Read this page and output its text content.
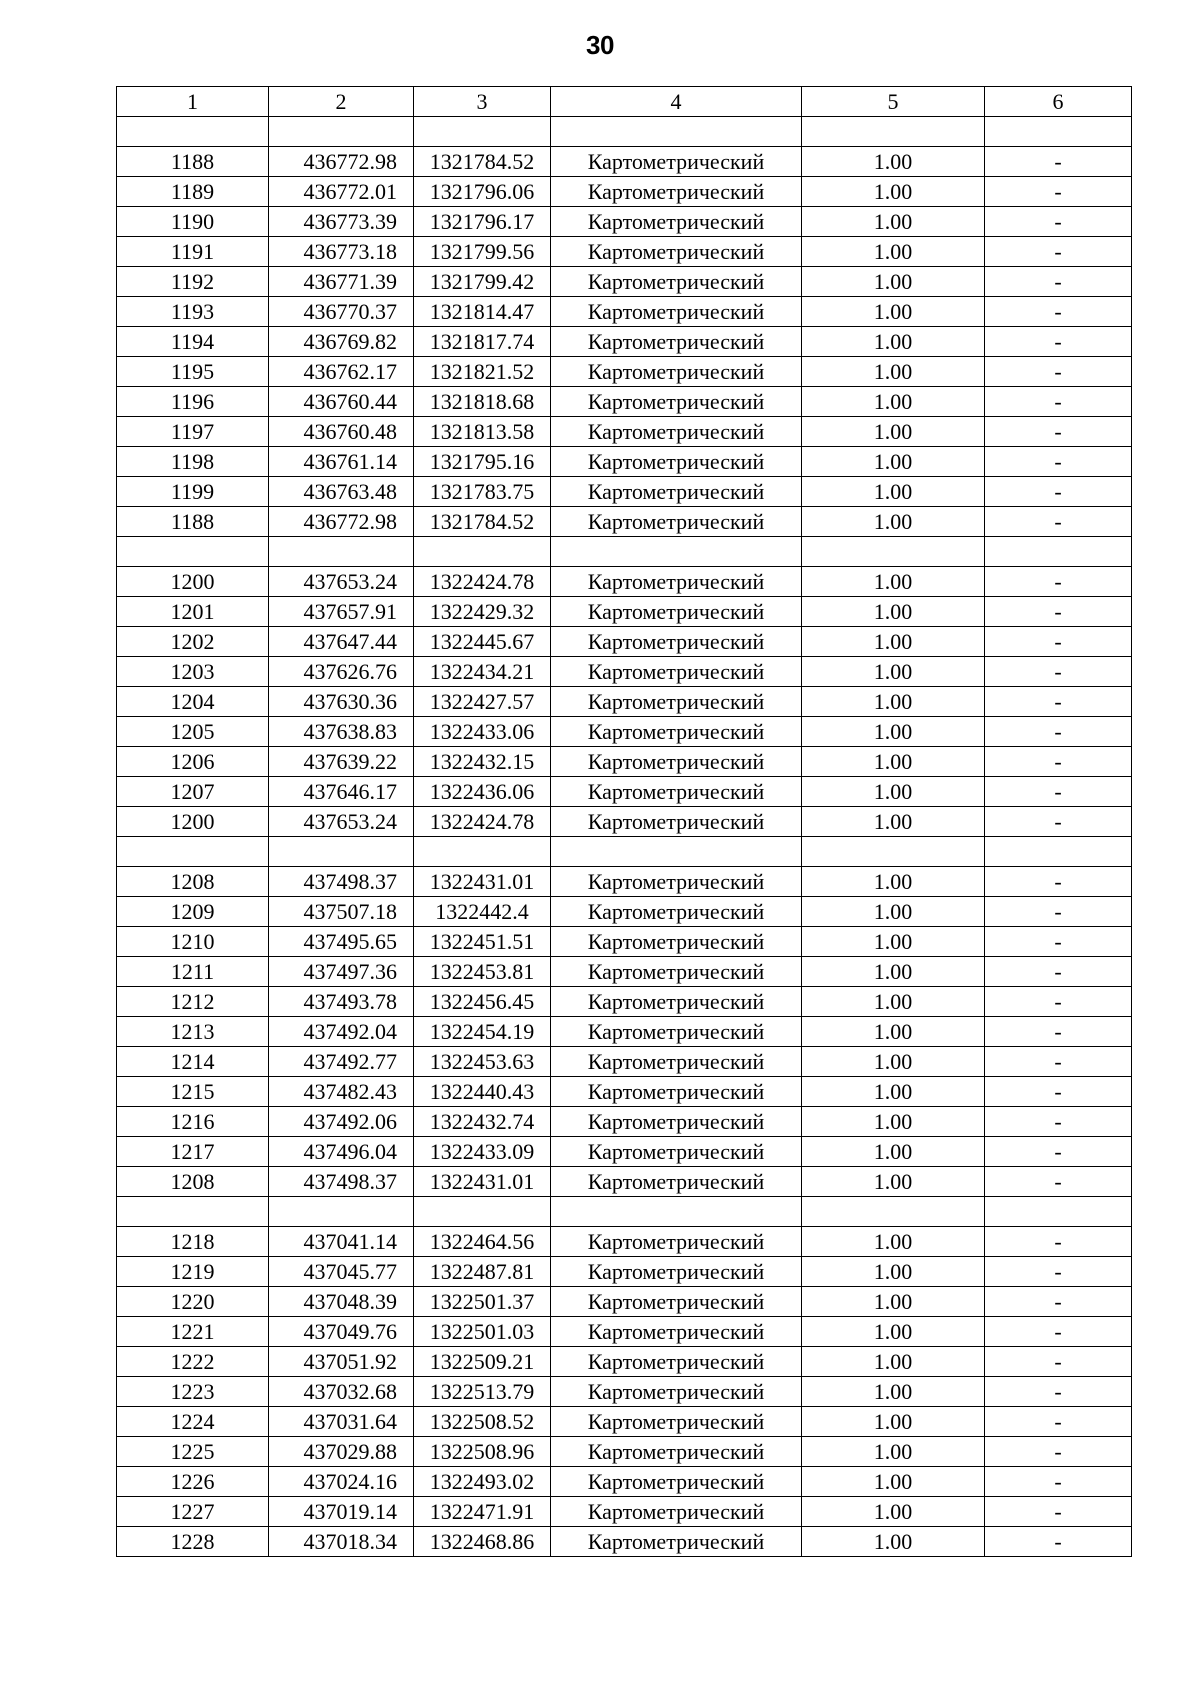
30
1	2	3	4	5	6

1188	436772.98	1321784.52	Картометрический	1.00	-
1189	436772.01	1321796.06	Картометрический	1.00	-
1190	436773.39	1321796.17	Картометрический	1.00	-
1191	436773.18	1321799.56	Картометрический	1.00	-
1192	436771.39	1321799.42	Картометрический	1.00	-
1193	436770.37	1321814.47	Картометрический	1.00	-
1194	436769.82	1321817.74	Картометрический	1.00	-
1195	436762.17	1321821.52	Картометрический	1.00	-
1196	436760.44	1321818.68	Картометрический	1.00	-
1197	436760.48	1321813.58	Картометрический	1.00	-
1198	436761.14	1321795.16	Картометрический	1.00	-
1199	436763.48	1321783.75	Картометрический	1.00	-
1188	436772.98	1321784.52	Картометрический	1.00	-

1200	437653.24	1322424.78	Картометрический	1.00	-
1201	437657.91	1322429.32	Картометрический	1.00	-
1202	437647.44	1322445.67	Картометрический	1.00	-
1203	437626.76	1322434.21	Картометрический	1.00	-
1204	437630.36	1322427.57	Картометрический	1.00	-
1205	437638.83	1322433.06	Картометрический	1.00	-
1206	437639.22	1322432.15	Картометрический	1.00	-
1207	437646.17	1322436.06	Картометрический	1.00	-
1200	437653.24	1322424.78	Картометрический	1.00	-

1208	437498.37	1322431.01	Картометрический	1.00	-
1209	437507.18	1322442.4	Картометрический	1.00	-
1210	437495.65	1322451.51	Картометрический	1.00	-
1211	437497.36	1322453.81	Картометрический	1.00	-
1212	437493.78	1322456.45	Картометрический	1.00	-
1213	437492.04	1322454.19	Картометрический	1.00	-
1214	437492.77	1322453.63	Картометрический	1.00	-
1215	437482.43	1322440.43	Картометрический	1.00	-
1216	437492.06	1322432.74	Картометрический	1.00	-
1217	437496.04	1322433.09	Картометрический	1.00	-
1208	437498.37	1322431.01	Картометрический	1.00	-

1218	437041.14	1322464.56	Картометрический	1.00	-
1219	437045.77	1322487.81	Картометрический	1.00	-
1220	437048.39	1322501.37	Картометрический	1.00	-
1221	437049.76	1322501.03	Картометрический	1.00	-
1222	437051.92	1322509.21	Картометрический	1.00	-
1223	437032.68	1322513.79	Картометрический	1.00	-
1224	437031.64	1322508.52	Картометрический	1.00	-
1225	437029.88	1322508.96	Картометрический	1.00	-
1226	437024.16	1322493.02	Картометрический	1.00	-
1227	437019.14	1322471.91	Картометрический	1.00	-
1228	437018.34	1322468.86	Картометрический	1.00	-
